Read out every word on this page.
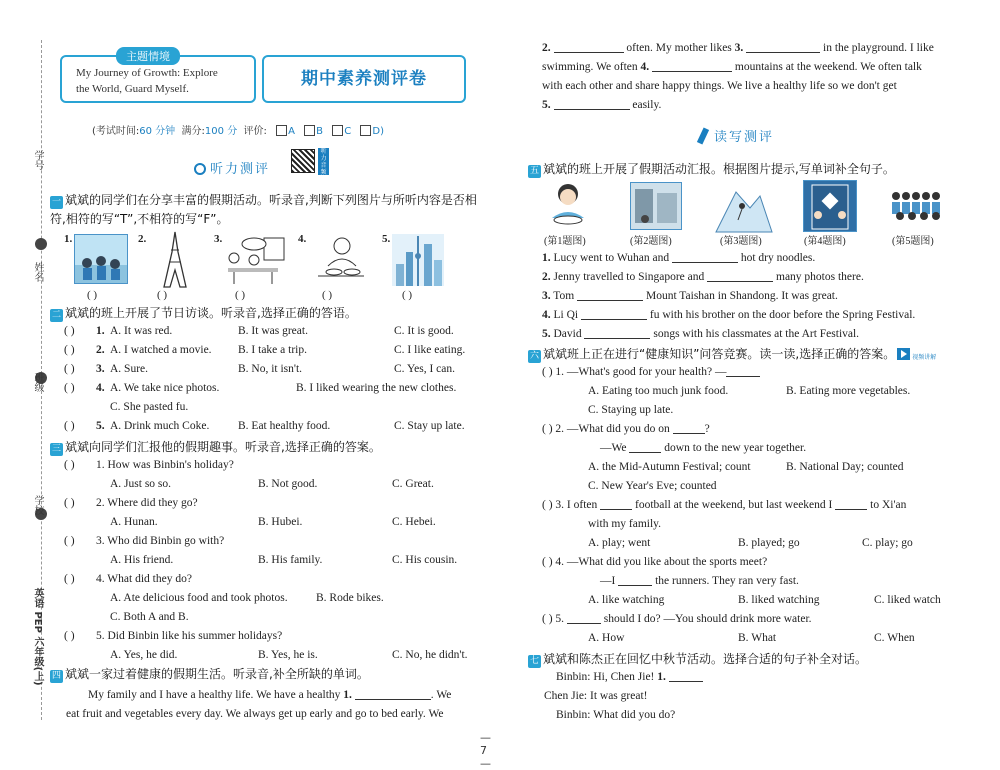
学号
姓名
班级
学校
英语 PEP 六年级(上)
My Journey of Growth: Explore
the World, Guard Myself.
主题情境
期中素养测评卷
(考试时间:60 分钟 满分:100 分 评价: A B C D)
听力测评
听力音频
一 斌斌的同学们在分享丰富的假期活动。听录音,判断下列图片与所听内容是否相
符,相符的写“T”,不相符的写“F”。
1.	2.	3.	4.	5.
( )	( )	( )	( )	( )
二 斌斌的班上开展了节日访谈。听录音,选择正确的答语。
( ) 1. A. It was red.	B. It was great.	C. It is good.
( ) 2. A. I watched a movie. B. I take a trip.	C. I like eating.
( ) 3. A. Sure.	B. No, it isn't.	C. Yes, I can.
( ) 4. A. We take nice photos.	B. I liked wearing the new clothes.
C. She pasted fu.
( ) 5. A. Drink much Coke. B. Eat healthy food.	C. Stay up late.
三 斌斌向同学们汇报他的假期趣事。听录音,选择正确的答案。
( ) 1. How was Binbin's holiday?
A. Just so so.	B. Not good.	C. Great.
( ) 2. Where did they go?
A. Hunan.	B. Hubei.	C. Hebei.
( ) 3. Who did Binbin go with?
A. His friend.	B. His family.	C. His cousin.
( ) 4. What did they do?
A. Ate delicious food and took photos. B. Rode bikes.
C. Both A and B.
( ) 5. Did Binbin like his summer holidays?
A. Yes, he did.	B. Yes, he is.	C. No, he didn't.
四 斌斌一家过着健康的假期生活。听录音,补全所缺的单词。
My family and I have a healthy life. We have a healthy 1.	. We
eat fruit and vegetables every day. We always get up early and go to bed early. We
— 7 —
2.	often. My mother likes 3.	in the playground. I like
swimming. We often 4.	mountains at the weekend. We often talk
with each other and share happy things. We live a healthy life so we don't get
5.	easily.
读写测评
五 斌斌的班上开展了假期活动汇报。根据图片提示,写单词补全句子。
(第1题图)	(第2题图)	(第3题图)	(第4题图)	(第5题图)
1. Lucy went to Wuhan and	hot dry noodles.
2. Jenny travelled to Singapore and	many photos there.
3. Tom	Mount Taishan in Shandong. It was great.
4. Li Qi	fu with his brother on the door before the Spring Festival.
5. David	songs with his classmates at the Art Festival.
六 斌斌班上正在进行“健康知识”问答竞赛。读一读,选择正确的答案。	视频讲解
( ) 1. —What's good for your health? —
A. Eating too much junk food.	B. Eating more vegetables.
C. Staying up late.
( ) 2. —What did you do on	?
—We	down to the new year together.
A. the Mid-Autumn Festival; count	B. National Day; counted
C. New Year's Eve; counted
( ) 3. I often	football at the weekend, but last weekend I	to Xi'an
with my family.
A. play; went	B. played; go	C. play; go
( ) 4. —What did you like about the sports meet?
—I	the runners. They ran very fast.
A. like watching	B. liked watching	C. liked watch
( ) 5.	should I do? —You should drink more water.
A. How	B. What	C. When
七 斌斌和陈杰正在回忆中秋节活动。选择合适的句子补全对话。
Binbin: Hi, Chen Jie! 1.
Chen Jie: It was great!
Binbin: What did you do?
